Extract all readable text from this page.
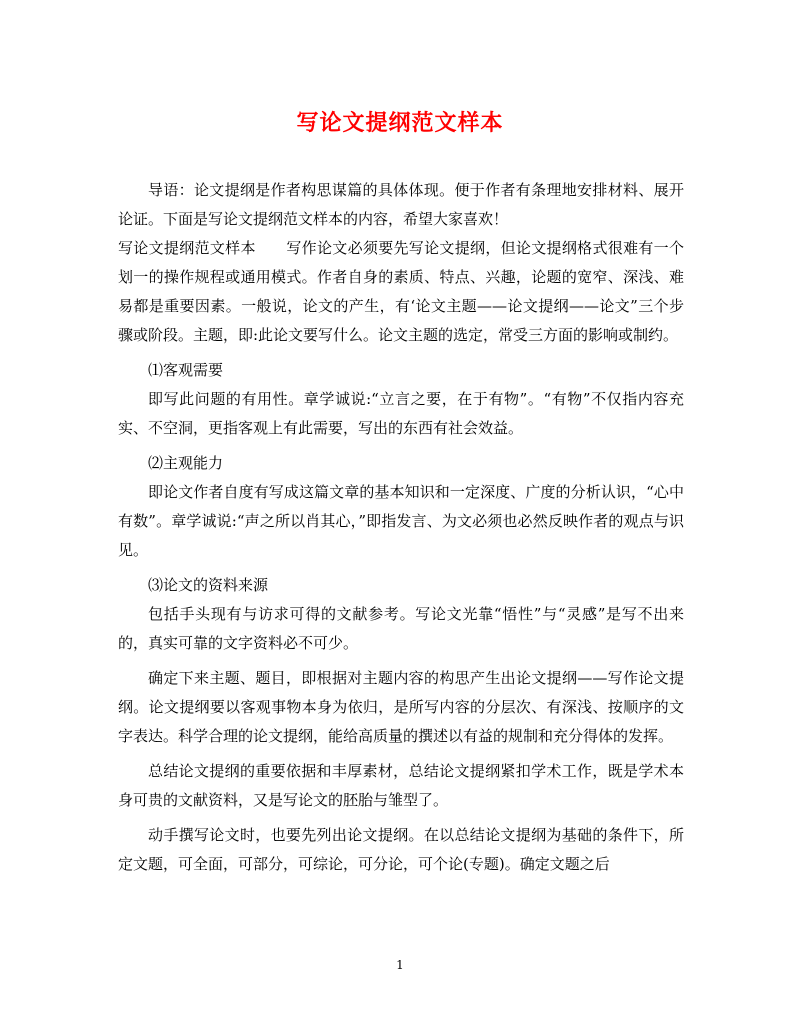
写论文提纲范文样本

导语：论文提纲是作者构思谋篇的具体体现。便于作者有条理地安排材料、展开论证。下面是写论文提纲范文样本的内容，希望大家喜欢！

写论文提纲范文样本　　写作论文必须要先写论文提纲，但论文提纲格式很难有一个划一的操作规程或通用模式。作者自身的素质、特点、兴趣，论题的宽窄、深浅、难易都是重要因素。一般说，论文的产生，有‘论文主题——论文提纲——论文”三个步骤或阶段。主题，即:此论文要写什么。论文主题的选定，常受三方面的影响或制约。

⑴客观需要

即写此问题的有用性。章学诚说:“立言之要，在于有物”。“有物”不仅指内容充实、不空洞，更指客观上有此需要，写出的东西有社会效益。

⑵主观能力

即论文作者自度有写成这篇文章的基本知识和一定深度、广度的分析认识，“心中有数”。章学诚说:“声之所以肖其心，”即指发言、为文必须也必然反映作者的观点与识见。

⑶论文的资料来源

包括手头现有与访求可得的文献参考。写论文光靠“悟性”与“灵感”是写不出来的，真实可靠的文字资料必不可少。

确定下来主题、题目，即根据对主题内容的构思产生出论文提纲——写作论文提纲。论文提纲要以客观事物本身为依归，是所写内容的分层次、有深浅、按顺序的文字表达。科学合理的论文提纲，能给高质量的撰述以有益的规制和充分得体的发挥。

总结论文提纲的重要依据和丰厚素材，总结论文提纲紧扣学术工作，既是学术本身可贵的文献资料，又是写论文的胚胎与雏型了。

动手撰写论文时，也要先列出论文提纲。在以总结论文提纲为基础的条件下，所定文题，可全面，可部分，可综论，可分论，可个论(专题)。确定文题之后

1
